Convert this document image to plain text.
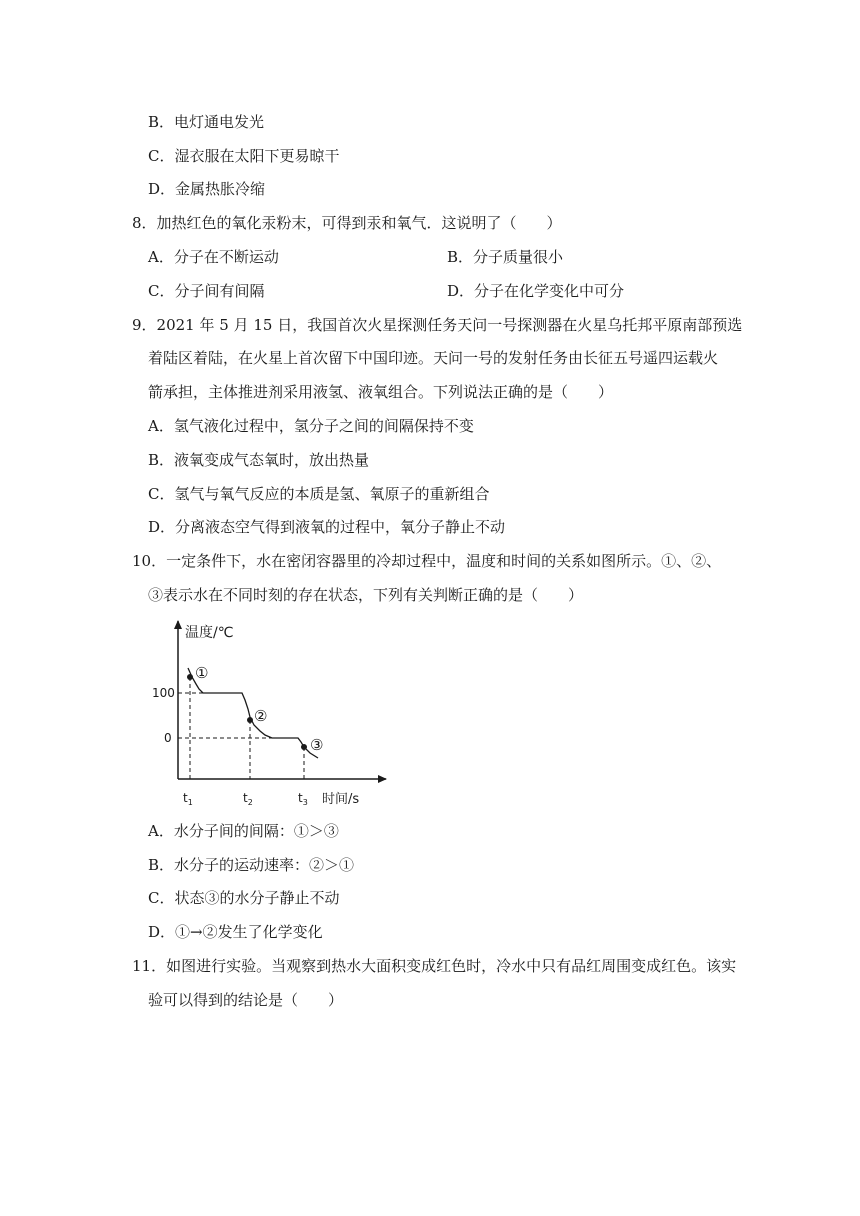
B．电灯通电发光
C．湿衣服在太阳下更易晾干
D．金属热胀冷缩
8．加热红色的氧化汞粉末，可得到汞和氧气．这说明了（　　）
A．分子在不断运动	B．分子质量很小
C．分子间有间隔	D．分子在化学变化中可分
9．2021 年 5 月 15 日，我国首次火星探测任务天问一号探测器在火星乌托邦平原南部预选
着陆区着陆，在火星上首次留下中国印迹。天问一号的发射任务由长征五号遥四运载火
箭承担，主体推进剂采用液氢、液氧组合。下列说法正确的是（　　）
A．氢气液化过程中，氢分子之间的间隔保持不变
B．液氧变成气态氧时，放出热量
C．氢气与氧气反应的本质是氢、氧原子的重新组合
D．分离液态空气得到液氧的过程中，氧分子静止不动
10．一定条件下，水在密闭容器里的冷却过程中，温度和时间的关系如图所示。①、②、
③表示水在不同时刻的存在状态，下列有关判断正确的是（　　）
温度/℃
时间/s
100
0
$t_1$	$t_2$	$t_3$
①
②
③
A．水分子间的间隔：①＞③
B．水分子的运动速率：②＞①
C．状态③的水分子静止不动
D．①→②发生了化学变化
11．如图进行实验。当观察到热水大面积变成红色时，冷水中只有品红周围变成红色。该实
验可以得到的结论是（　　）
